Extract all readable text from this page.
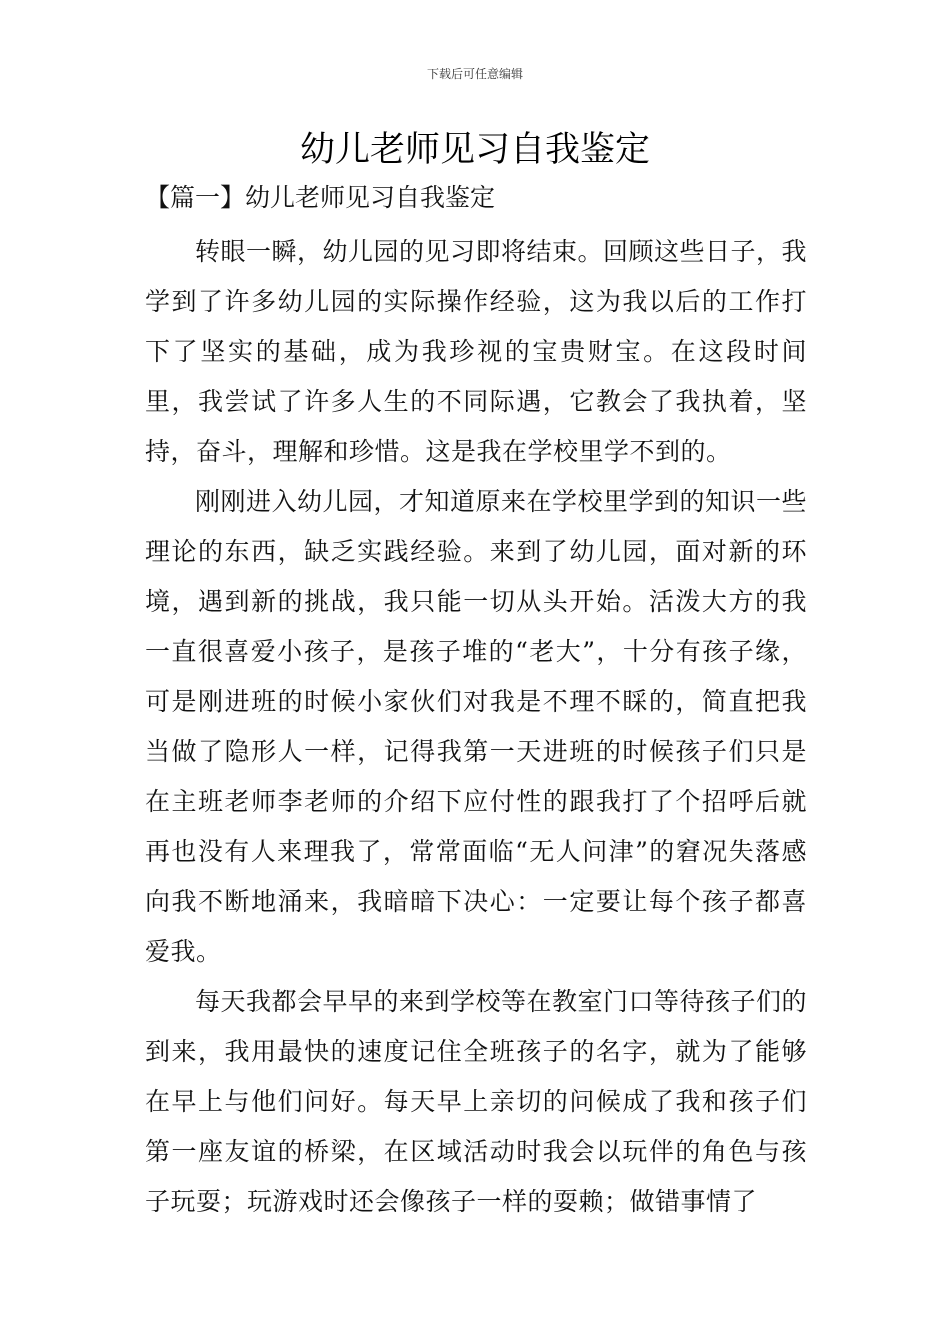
下载后可任意编辑
幼儿老师见习自我鉴定
【篇一】幼儿老师见习自我鉴定

转眼一瞬，幼儿园的见习即将结束。回顾这些日子，我学到了许多幼儿园的实际操作经验，这为我以后的工作打下了坚实的基础，成为我珍视的宝贵财宝。在这段时间里，我尝试了许多人生的不同际遇，它教会了我执着，坚持，奋斗，理解和珍惜。这是我在学校里学不到的。

刚刚进入幼儿园，才知道原来在学校里学到的知识一些理论的东西，缺乏实践经验。来到了幼儿园，面对新的环境，遇到新的挑战，我只能一切从头开始。活泼大方的我一直很喜爱小孩子，是孩子堆的“老大”，十分有孩子缘，可是刚进班的时候小家伙们对我是不理不睬的，简直把我当做了隐形人一样，记得我第一天进班的时候孩子们只是在主班老师李老师的介绍下应付性的跟我打了个招呼后就再也没有人来理我了，常常面临“无人问津”的窘况失落感向我不断地涌来，我暗暗下决心：一定要让每个孩子都喜爱我。

每天我都会早早的来到学校等在教室门口等待孩子们的到来，我用最快的速度记住全班孩子的名字，就为了能够在早上与他们问好。每天早上亲切的问候成了我和孩子们第一座友谊的桥梁，在区域活动时我会以玩伴的角色与孩子玩耍；玩游戏时还会像孩子一样的耍赖；做错事情了
